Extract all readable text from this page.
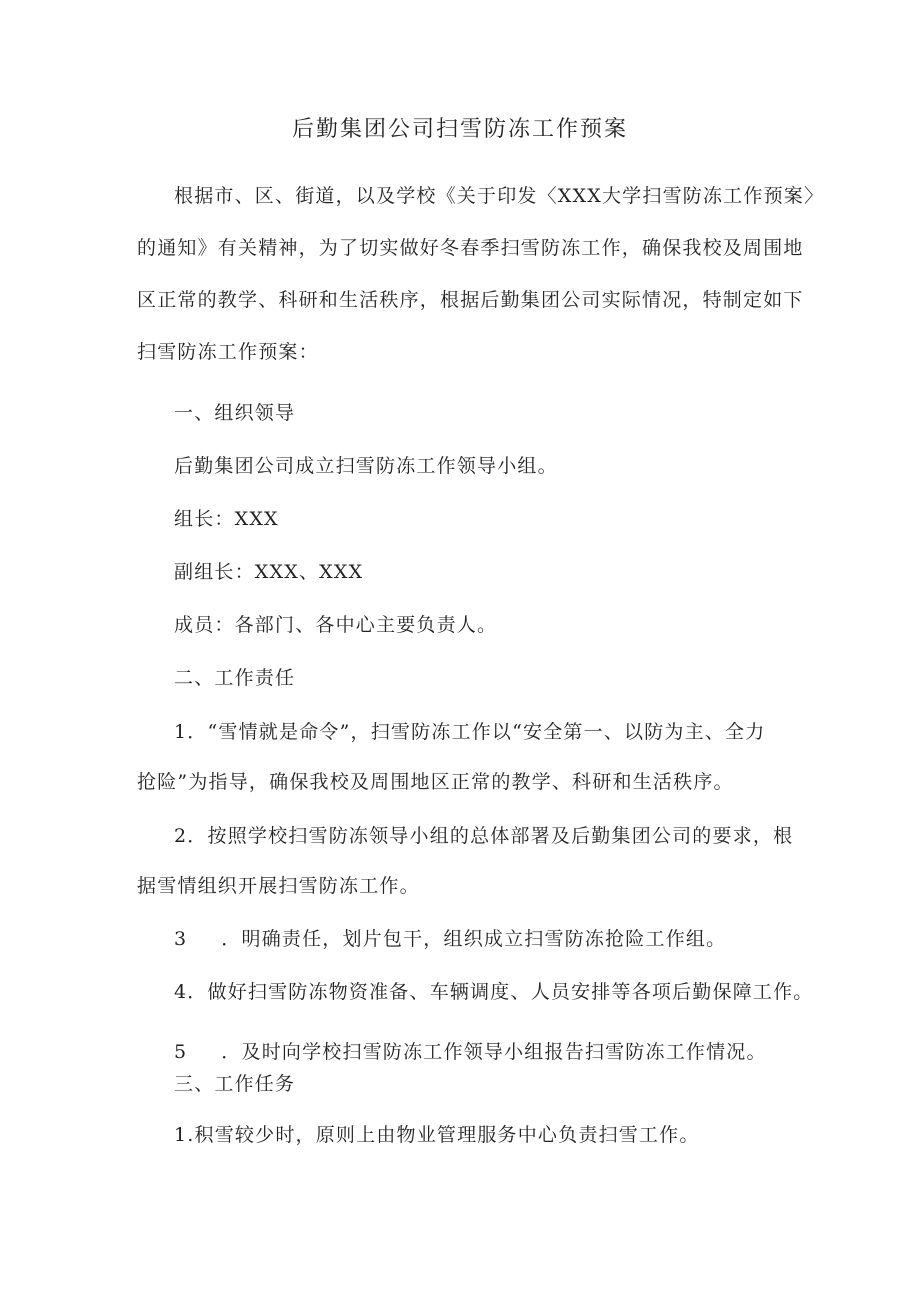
后勤集团公司扫雪防冻工作预案
根据市、区、街道，以及学校《关于印发〈XXX大学扫雪防冻工作预案〉
的通知》有关精神，为了切实做好冬春季扫雪防冻工作，确保我校及周围地
区正常的教学、科研和生活秩序，根据后勤集团公司实际情况，特制定如下
扫雪防冻工作预案：
一、组织领导
后勤集团公司成立扫雪防冻工作领导小组。
组长：XXX
副组长：XXX、XXX
成员：各部门、各中心主要负责人。
二、工作责任
1．“雪情就是命令”，扫雪防冻工作以“安全第一、以防为主、全力
抢险”为指导，确保我校及周围地区正常的教学、科研和生活秩序。
2．按照学校扫雪防冻领导小组的总体部署及后勤集团公司的要求，根
据雪情组织开展扫雪防冻工作。
3 ．明确责任，划片包干，组织成立扫雪防冻抢险工作组。
4．做好扫雪防冻物资准备、车辆调度、人员安排等各项后勤保障工作。
5 ．及时向学校扫雪防冻工作领导小组报告扫雪防冻工作情况。
三、工作任务
1.积雪较少时，原则上由物业管理服务中心负责扫雪工作。
